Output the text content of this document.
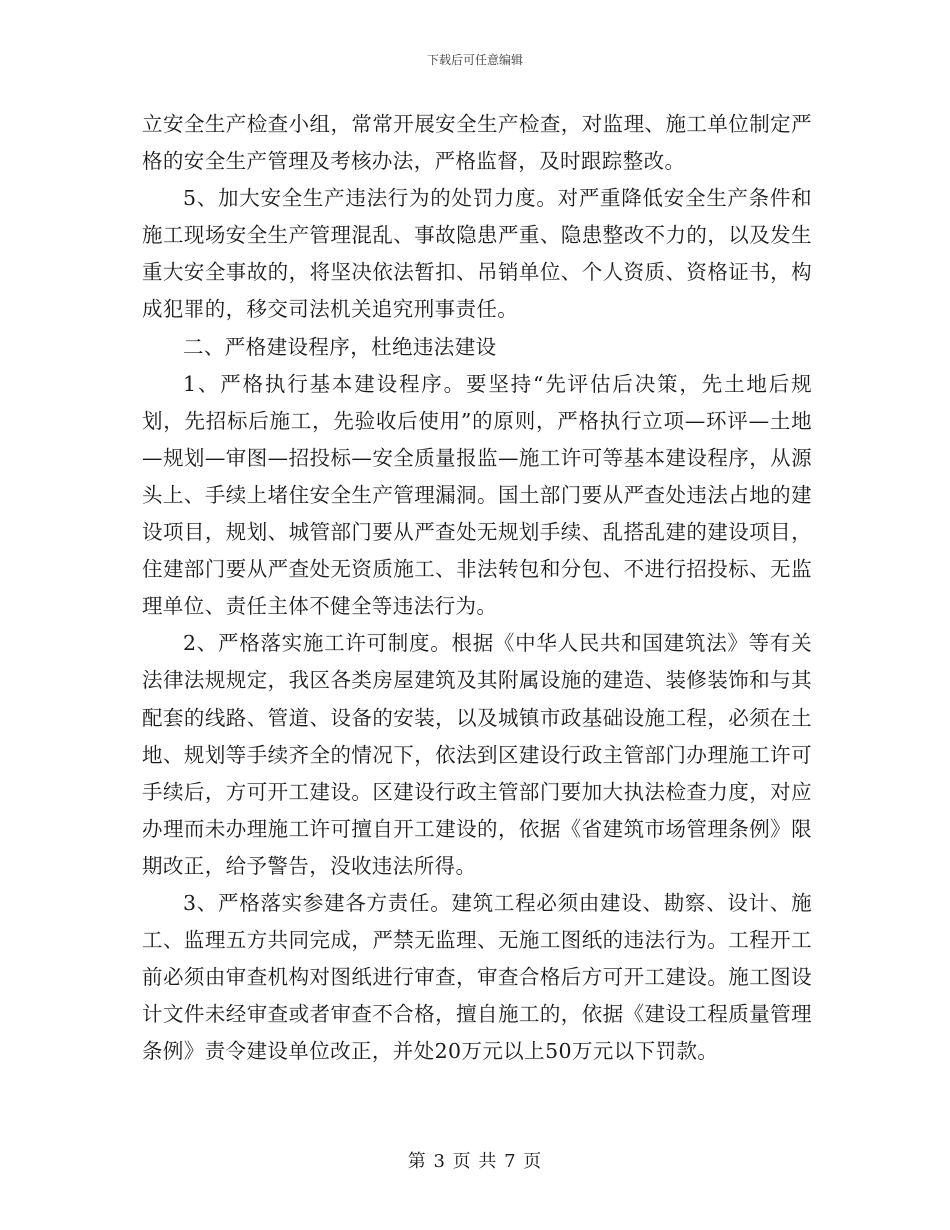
下载后可任意编辑

立安全生产检查小组，常常开展安全生产检查，对监理、施工单位制定严格的安全生产管理及考核办法，严格监督，及时跟踪整改。

5、加大安全生产违法行为的处罚力度。对严重降低安全生产条件和施工现场安全生产管理混乱、事故隐患严重、隐患整改不力的，以及发生重大安全事故的，将坚决依法暂扣、吊销单位、个人资质、资格证书，构成犯罪的，移交司法机关追究刑事责任。

二、严格建设程序，杜绝违法建设

1、严格执行基本建设程序。要坚持“先评估后决策，先土地后规划，先招标后施工，先验收后使用”的原则，严格执行立项—环评—土地—规划—审图—招投标—安全质量报监—施工许可等基本建设程序，从源头上、手续上堵住安全生产管理漏洞。国土部门要从严查处违法占地的建设项目，规划、城管部门要从严查处无规划手续、乱搭乱建的建设项目，住建部门要从严查处无资质施工、非法转包和分包、不进行招投标、无监理单位、责任主体不健全等违法行为。

2、严格落实施工许可制度。根据《中华人民共和国建筑法》等有关法律法规规定，我区各类房屋建筑及其附属设施的建造、装修装饰和与其配套的线路、管道、设备的安装，以及城镇市政基础设施工程，必须在土地、规划等手续齐全的情况下，依法到区建设行政主管部门办理施工许可手续后，方可开工建设。区建设行政主管部门要加大执法检查力度，对应办理而未办理施工许可擅自开工建设的，依据《省建筑市场管理条例》限期改正，给予警告，没收违法所得。

3、严格落实参建各方责任。建筑工程必须由建设、勘察、设计、施工、监理五方共同完成，严禁无监理、无施工图纸的违法行为。工程开工前必须由审查机构对图纸进行审查，审查合格后方可开工建设。施工图设计文件未经审查或者审查不合格，擅自施工的，依据《建设工程质量管理条例》责令建设单位改正，并处20万元以上50万元以下罚款。

第 3 页 共 7 页
